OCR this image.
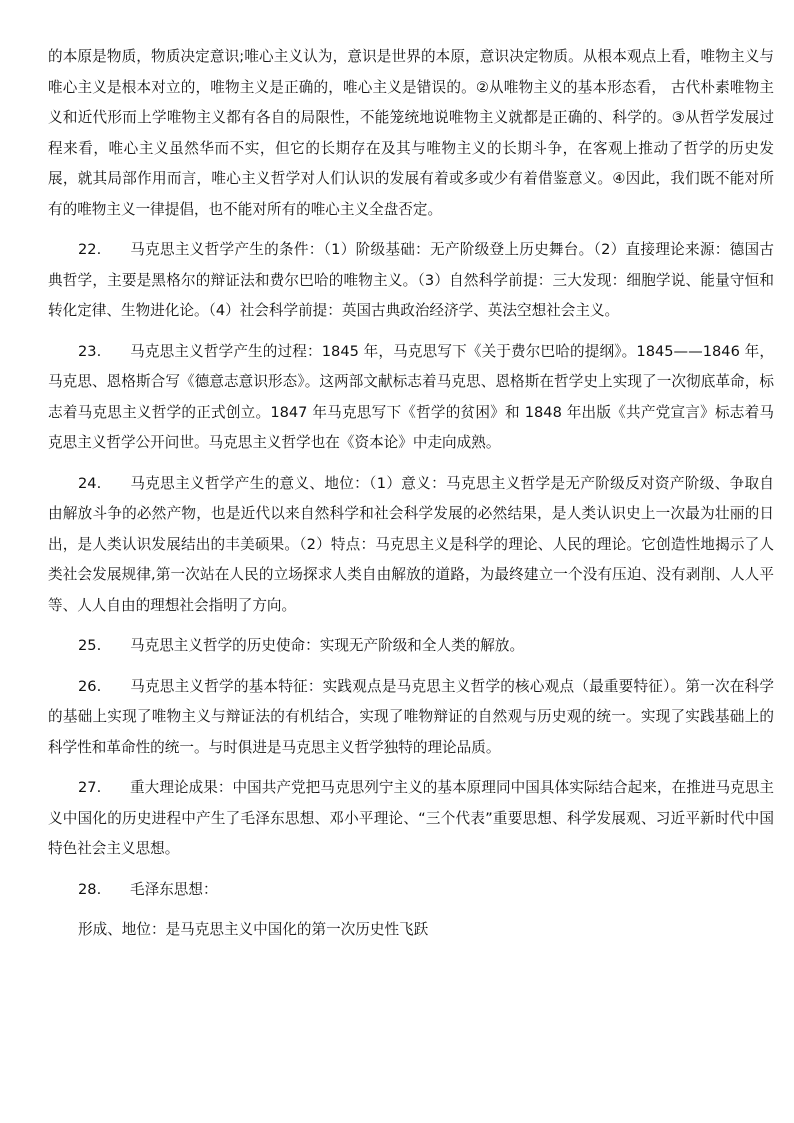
的本原是物质，物质决定意识;唯心主义认为，意识是世界的本原，意识决定物质。从根本观点上看，唯物主义与唯心主义是根本对立的，唯物主义是正确的，唯心主义是错误的。②从唯物主义的基本形态看， 古代朴素唯物主义和近代形而上学唯物主义都有各自的局限性，不能笼统地说唯物主义就都是正确的、科学的。③从哲学发展过程来看，唯心主义虽然华而不实，但它的长期存在及其与唯物主义的长期斗争，在客观上推动了哲学的历史发展，就其局部作用而言，唯心主义哲学对人们认识的发展有着或多或少有着借鉴意义。④因此，我们既不能对所有的唯物主义一律提倡，也不能对所有的唯心主义全盘否定。

22. 马克思主义哲学产生的条件：（1）阶级基础：无产阶级登上历史舞台。（2）直接理论来源：德国古典哲学，主要是黑格尔的辩证法和费尔巴哈的唯物主义。（3）自然科学前提：三大发现：细胞学说、能量守恒和转化定律、生物进化论。（4）社会科学前提：英国古典政治经济学、英法空想社会主义。

23. 马克思主义哲学产生的过程：1845 年，马克思写下《关于费尔巴哈的提纲》。1845——1846 年，马克思、恩格斯合写《德意志意识形态》。这两部文献标志着马克思、恩格斯在哲学史上实现了一次彻底革命，标志着马克思主义哲学的正式创立。1847 年马克思写下《哲学的贫困》和 1848 年出版《共产党宣言》标志着马克思主义哲学公开问世。马克思主义哲学也在《资本论》中走向成熟。

24. 马克思主义哲学产生的意义、地位：（1）意义：马克思主义哲学是无产阶级反对资产阶级、争取自由解放斗争的必然产物，也是近代以来自然科学和社会科学发展的必然结果，是人类认识史上一次最为壮丽的日出，是人类认识发展结出的丰美硕果。（2）特点：马克思主义是科学的理论、人民的理论。它创造性地揭示了人类社会发展规律,第一次站在人民的立场探求人类自由解放的道路，为最终建立一个没有压迫、没有剥削、人人平等、人人自由的理想社会指明了方向。

25. 马克思主义哲学的历史使命：实现无产阶级和全人类的解放。

26. 马克思主义哲学的基本特征：实践观点是马克思主义哲学的核心观点（最重要特征）。第一次在科学的基础上实现了唯物主义与辩证法的有机结合，实现了唯物辩证的自然观与历史观的统一。实现了实践基础上的科学性和革命性的统一。与时俱进是马克思主义哲学独特的理论品质。

27. 重大理论成果：中国共产党把马克思列宁主义的基本原理同中国具体实际结合起来，在推进马克思主义中国化的历史进程中产生了毛泽东思想、邓小平理论、“三个代表”重要思想、科学发展观、习近平新时代中国特色社会主义思想。

28. 毛泽东思想：

形成、地位：是马克思主义中国化的第一次历史性飞跃
